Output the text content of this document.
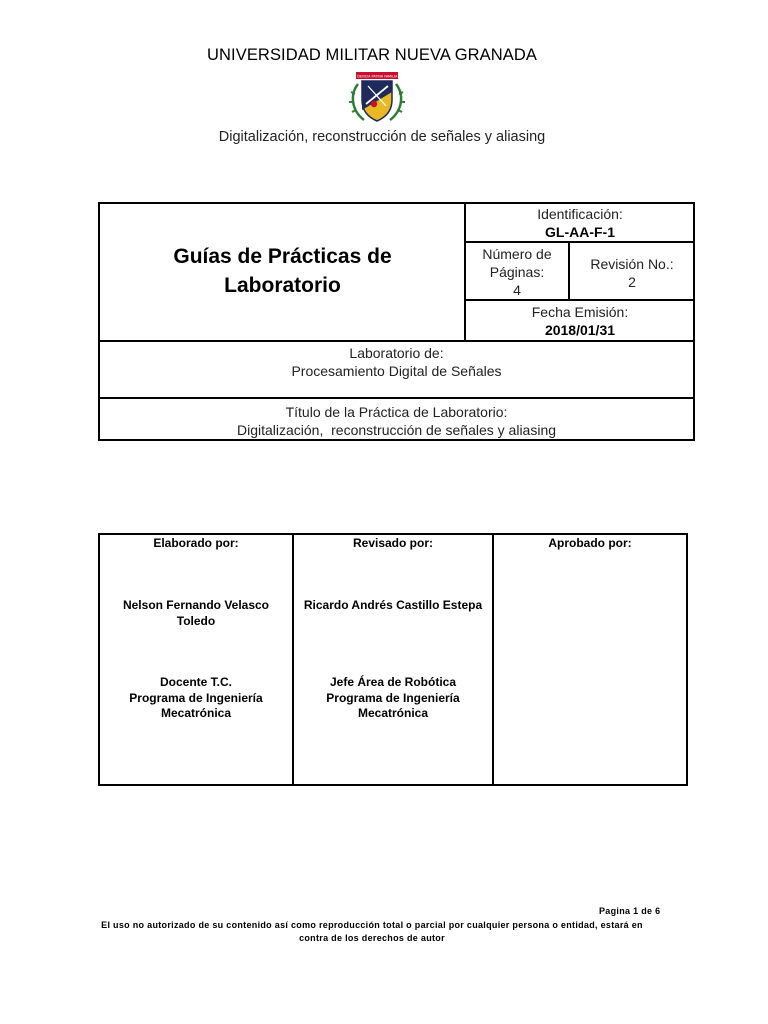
UNIVERSIDAD MILITAR NUEVA GRANADA
CIENCIA PATRIA FAMILIA
Digitalización, reconstrucción de señales y aliasing
Guías de Prácticas de
Laboratorio
Identificación:
GL-AA-F-1
Número de
Páginas:
4
Revisión No.:
2
Fecha Emisión:
2018/01/31
Laboratorio de:
Procesamiento Digital de Señales
Título de la Práctica de Laboratorio:
Digitalización,  reconstrucción de señales y aliasing
Elaborado por:	Revisado por:	Aprobado por:
Nelson Fernando Velasco
Toledo
Ricardo Andrés Castillo Estepa
Docente T.C.
Programa de Ingeniería
Mecatrónica
Jefe Área de Robótica
Programa de Ingeniería
Mecatrónica
Pagina 1 de 6
El uso no autorizado de su contenido así como reproducción total o parcial por cualquier persona o entidad, estará en
contra de los derechos de autor
